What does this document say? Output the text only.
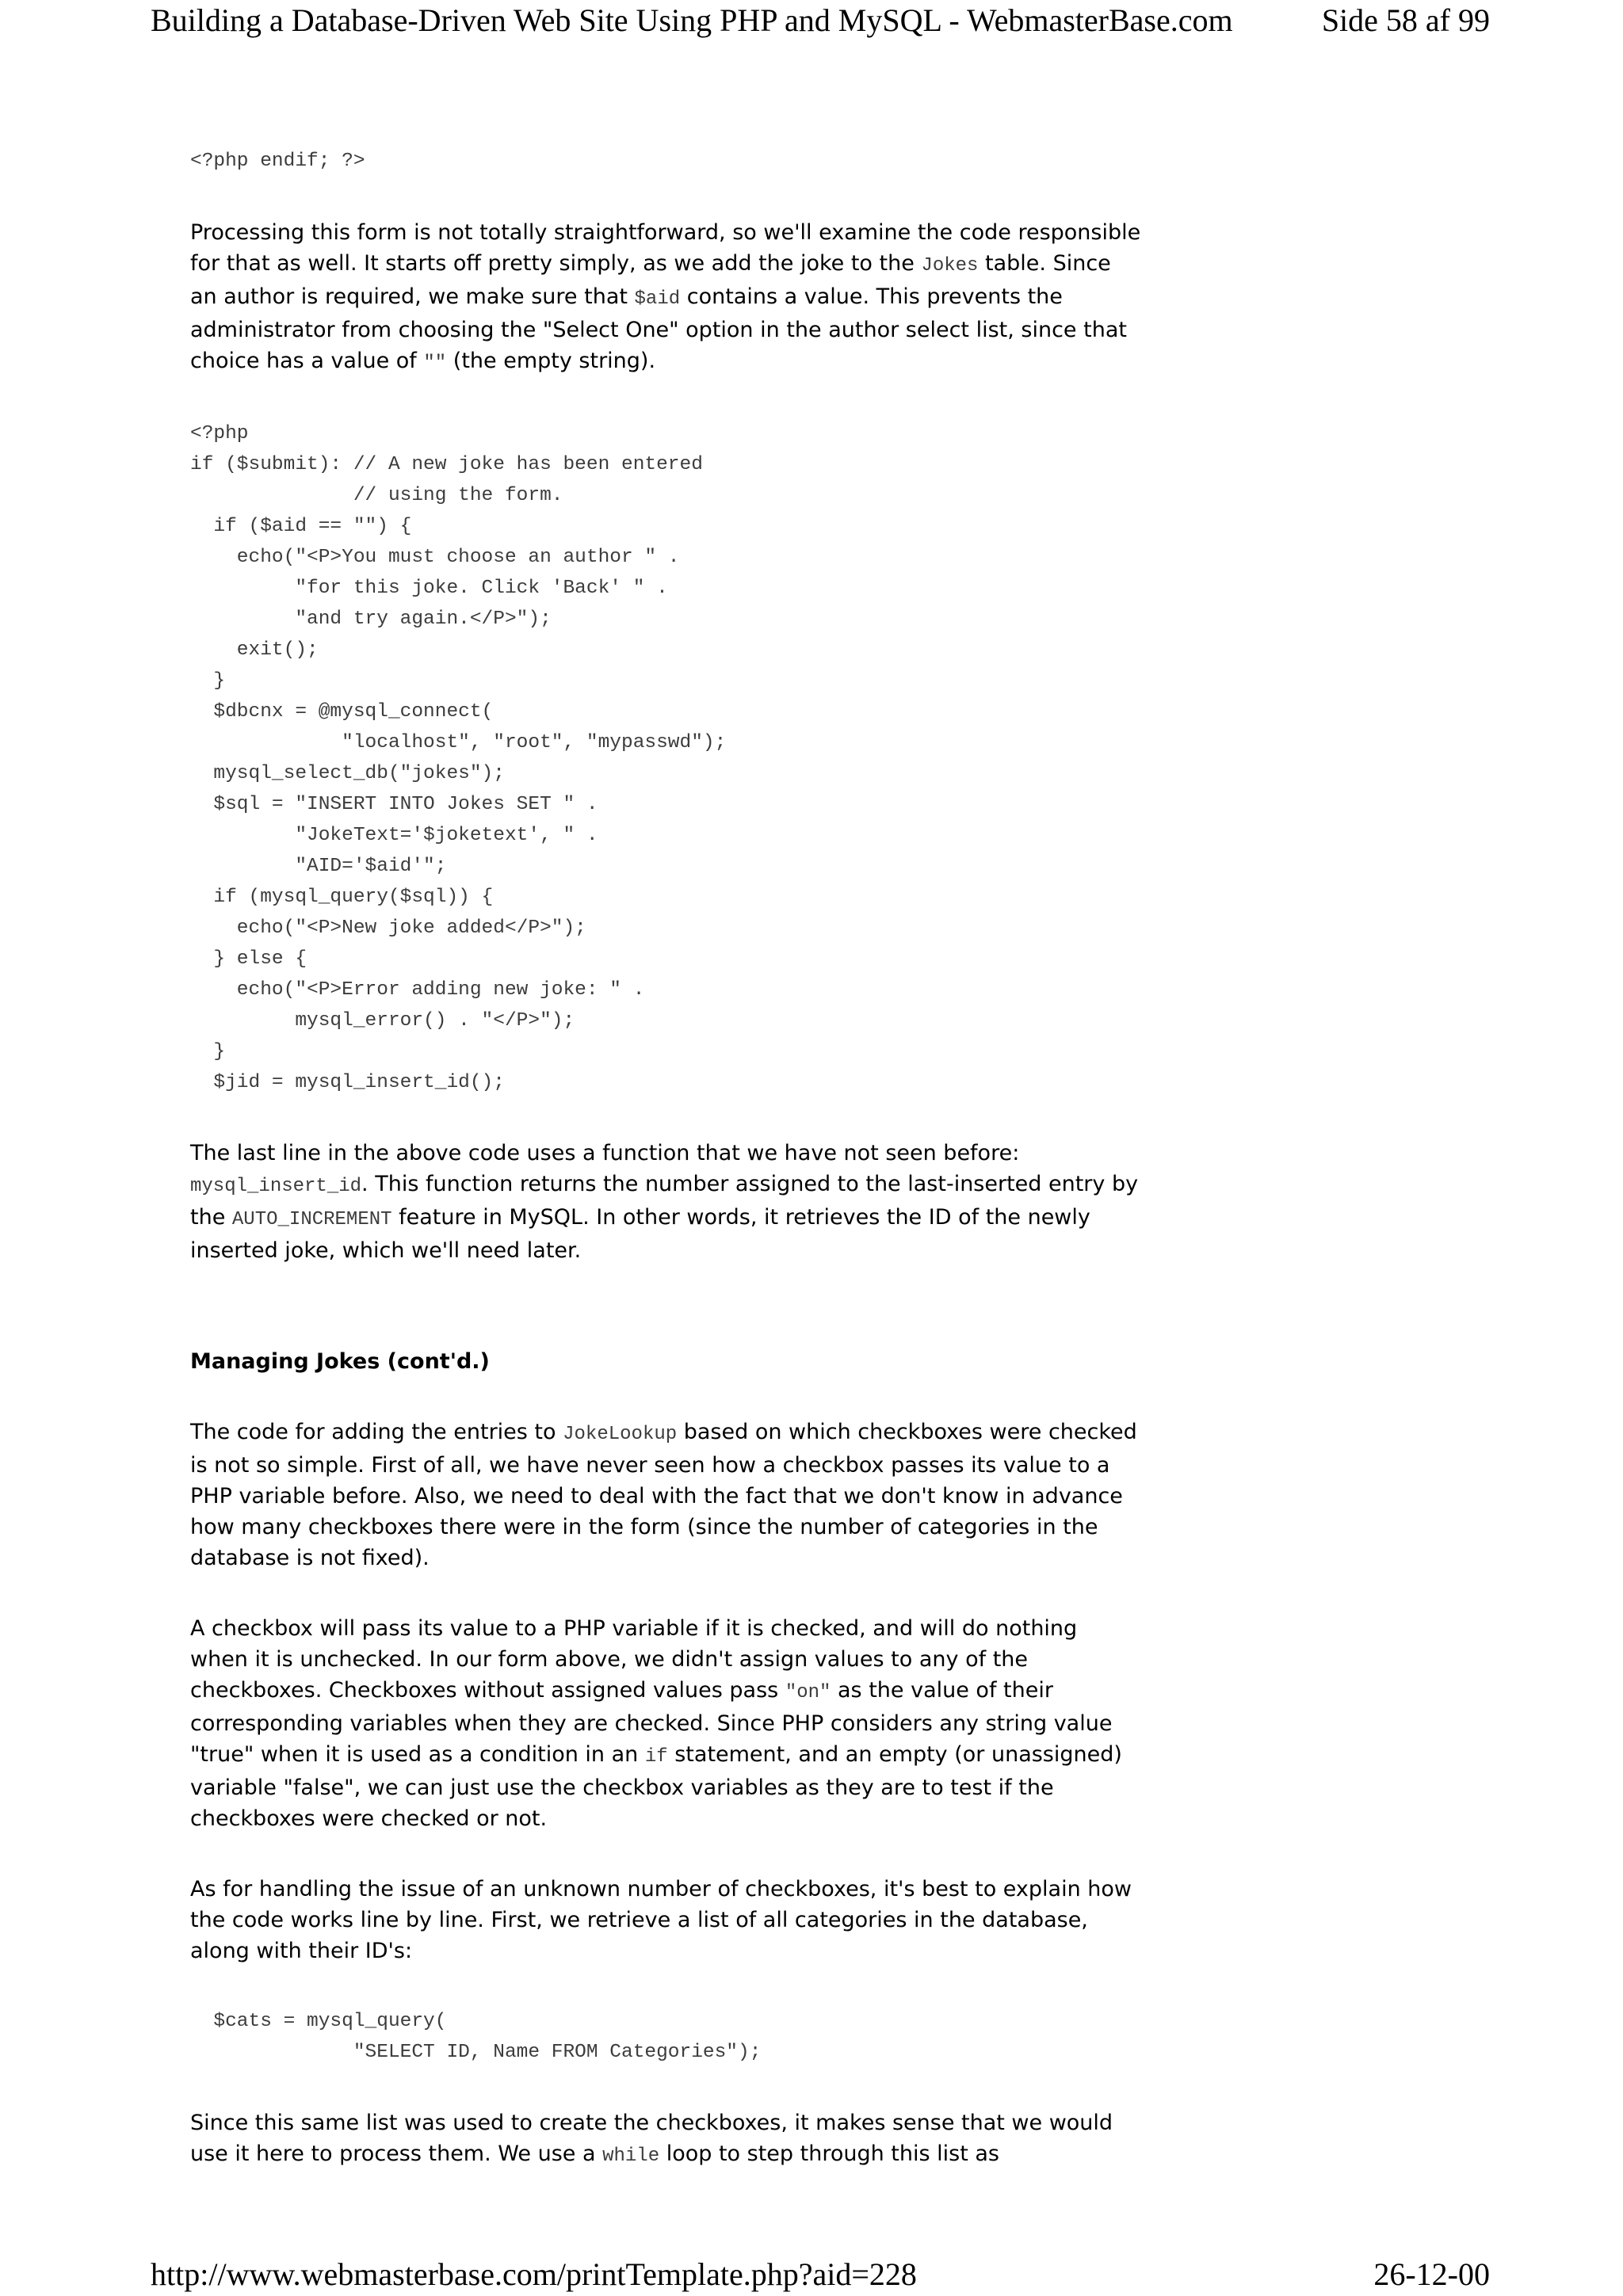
Building a Database-Driven Web Site Using PHP and MySQL - WebmasterBase.com	Side 58 af 99
<?php endif; ?>

Processing this form is not totally straightforward, so we'll examine the code responsible for that as well. It starts off pretty simply, as we add the joke to the Jokes table. Since an author is required, we make sure that $aid contains a value. This prevents the administrator from choosing the "Select One" option in the author select list, since that choice has a value of "" (the empty string).

<?php
if ($submit): // A new joke has been entered
// using the form.
if ($aid == "") {
echo("<P>You must choose an author " .
"for this joke. Click 'Back' " .
"and try again.</P>");
exit();
}
$dbcnx = @mysql_connect(
"localhost", "root", "mypasswd");
mysql_select_db("jokes");
$sql = "INSERT INTO Jokes SET " .
"JokeText='$joketext', " .
"AID='$aid'";
if (mysql_query($sql)) {
echo("<P>New joke added</P>");
} else {
echo("<P>Error adding new joke: " .
mysql_error() . "</P>");
}
$jid = mysql_insert_id();

The last line in the above code uses a function that we have not seen before: mysql_insert_id. This function returns the number assigned to the last-inserted entry by the AUTO_INCREMENT feature in MySQL. In other words, it retrieves the ID of the newly inserted joke, which we'll need later.

Managing Jokes (cont'd.)

The code for adding the entries to JokeLookup based on which checkboxes were checked is not so simple. First of all, we have never seen how a checkbox passes its value to a PHP variable before. Also, we need to deal with the fact that we don't know in advance how many checkboxes there were in the form (since the number of categories in the database is not fixed).

A checkbox will pass its value to a PHP variable if it is checked, and will do nothing when it is unchecked. In our form above, we didn't assign values to any of the checkboxes. Checkboxes without assigned values pass "on" as the value of their corresponding variables when they are checked. Since PHP considers any string value "true" when it is used as a condition in an if statement, and an empty (or unassigned) variable "false", we can just use the checkbox variables as they are to test if the checkboxes were checked or not.

As for handling the issue of an unknown number of checkboxes, it's best to explain how the code works line by line. First, we retrieve a list of all categories in the database, along with their ID's:

$cats = mysql_query(
"SELECT ID, Name FROM Categories");

Since this same list was used to create the checkboxes, it makes sense that we would use it here to process them. We use a while loop to step through this list as

http://www.webmasterbase.com/printTemplate.php?aid=228	26-12-00
